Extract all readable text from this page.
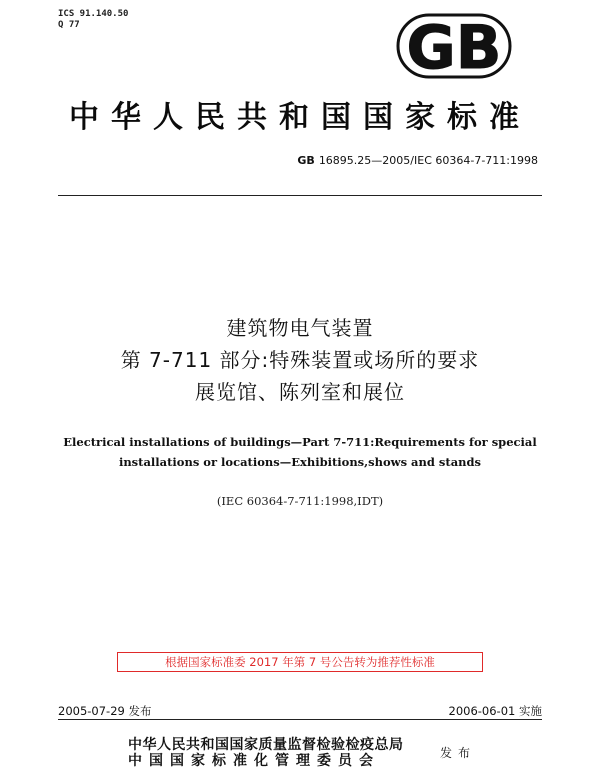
ICS 91.140.50
Q 77	GB
中华人民共和国国家标准
GB 16895.25—2005/IEC 60364-7-711:1998
建筑物电气装置
第 7-711 部分:特殊装置或场所的要求
展览馆、陈列室和展位
Electrical installations of buildings—Part 7-711:Requirements for special
installations or locations—Exhibitions,shows and stands
(IEC 60364-7-711:1998,IDT)
根据国家标准委 2017 年第 7 号公告转为推荐性标准
2005-07-29 发布	2006-06-01 实施
中华人民共和国国家质量监督检验检疫总局
中国国家标准化管理委员会	发布
